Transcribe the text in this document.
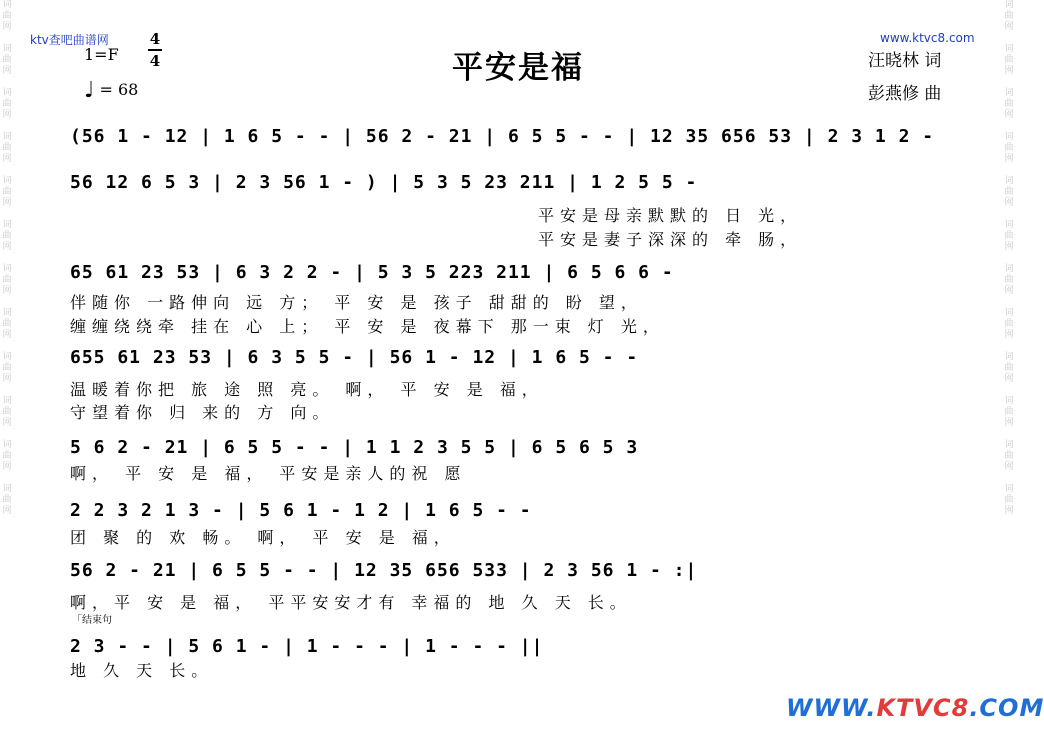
词
曲
网

词
曲
网

词
曲
网

词
曲
网

词
曲
网

词
曲
网

词
曲
网

词
曲
网

词
曲
网

词
曲
网

词
曲
网

词
曲
网
词
曲
网

词
曲
网

词
曲
网

词
曲
网

词
曲
网

词
曲
网

词
曲
网

词
曲
网

词
曲
网

词
曲
网

词
曲
网

词
曲
网
ktv查吧曲谱网	www.ktvc8.com
1=F
4
4
♩ = 68
平安是福	汪晓林 词
彭燕修 曲
(56 1 - 12 | 1 6 5 - - | 56 2 - 21 | 6 5 5 - - | 12 35 656 53 | 2 3 1 2 -
56 12 6 5 3 | 2 3 56 1 - ) | 5 3 5 23 211 | 1 2 5 5 -
平安是母亲默默的 日 光，
平安是妻子深深的 牵 肠，
65 61 23 53 | 6 3 2 2 - | 5 3 5 223 211 | 6 5 6 6 -
伴随你 一路伸向 远 方； 平 安 是 孩子 甜甜的 盼 望，
缠缠绕绕牵 挂在 心 上； 平 安 是 夜幕下 那一束 灯 光，
655 61 23 53 | 6 3 5 5 - | 56 1 - 12 | 1 6 5 - -
温暖着你把 旅 途 照 亮。 啊， 平 安 是 福，
守望着你 归 来的 方 向。
5 6 2 - 21 | 6 5 5 - - | 1 1 2 3 5 5 | 6 5 6 5 3
啊， 平 安 是 福， 平安是亲人的祝 愿
2 2 3 2 1 3 - | 5 6 1 - 1 2 | 1 6 5 - -
团 聚 的 欢 畅。 啊， 平 安 是 福，
56 2 - 21 | 6 5 5 - - | 12 35 656 533 | 2 3 56 1 - :|
啊，平 安 是 福， 平平安安才有 幸福的 地 久 天 长。
「结束句
2 3 - - | 5 6 1 - | 1 - - - | 1 - - - ||
地 久 天 长。
WWW.KTVC8.COM
